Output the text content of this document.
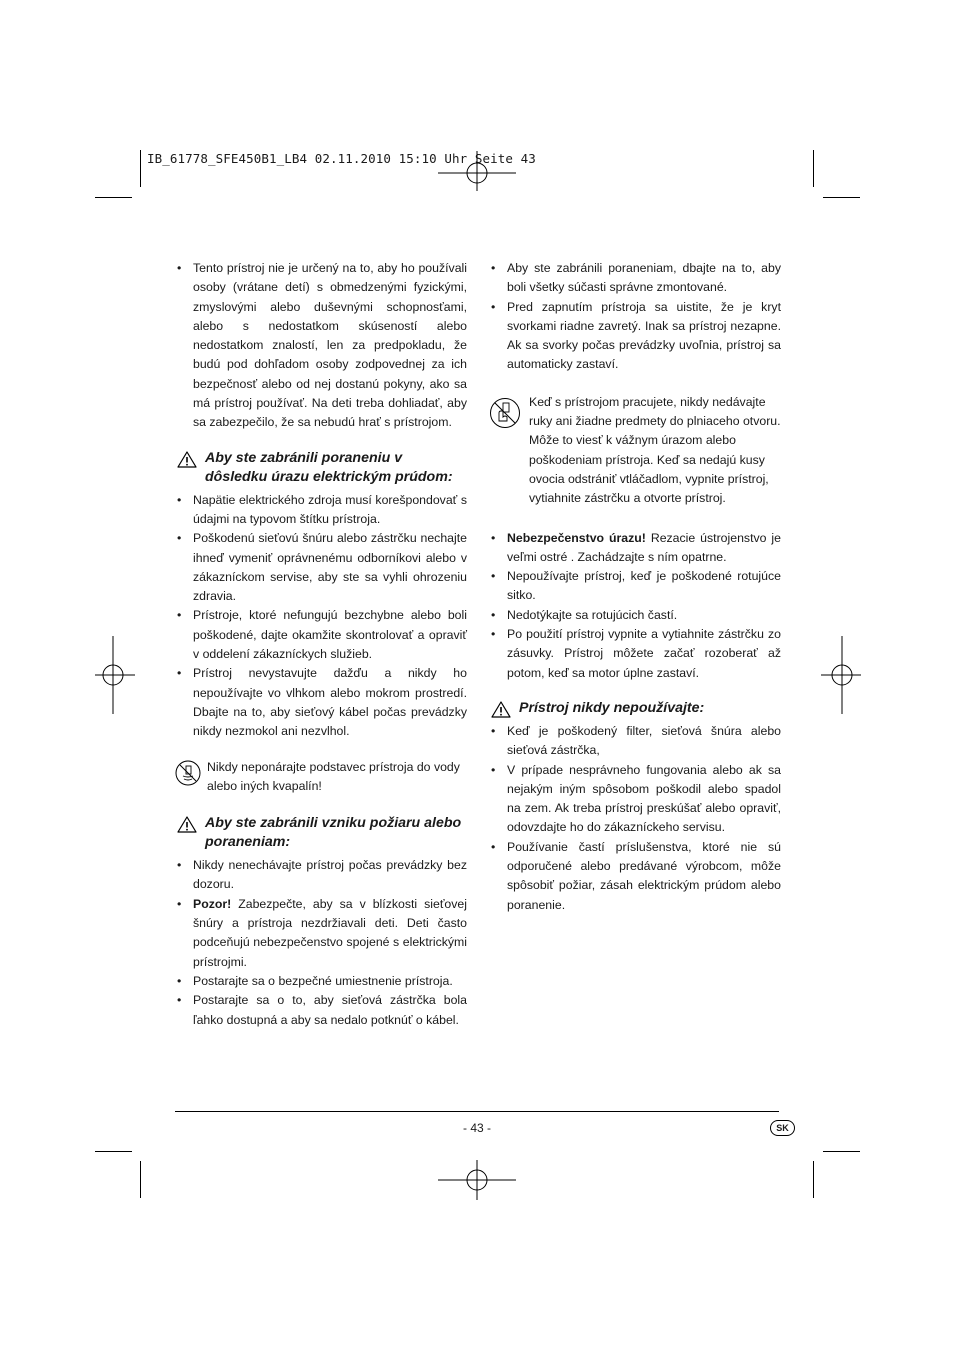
IB_61778_SFE450B1_LB4 02.11.2010 15:10 Uhr Seite 43
• Tento prístroj nie je určený na to, aby ho používali osoby (vrátane detí) s obmedzenými fyzickými, zmyslovými alebo duševnými schopnosťami, alebo s nedostatkom skúseností alebo nedostatkom znalostí, len za predpokladu, že budú pod dohľadom osoby zodpovednej za ich bezpečnosť alebo od nej dostanú pokyny, ako sa má prístroj používať. Na deti treba dohliadať, aby sa zabezpečilo, že sa nebudú hrať s prístrojom.
Aby ste zabránili poraneniu v dôsledku úrazu elektrickým prúdom:
• Napätie elektrického zdroja musí korešpondovať s údajmi na typovom štítku prístroja.
• Poškodenú sieťovú šnúru alebo zástrčku nechajte ihneď vymeniť oprávnenému odborníkovi alebo v zákazníckom servise, aby ste sa vyhli ohrozeniu zdravia.
• Prístroje, ktoré nefungujú bezchybne alebo boli poškodené, dajte okamžite skontrolovať a opraviť v oddelení zákazníckych služieb.
• Prístroj nevystavujte dažďu a nikdy ho nepoužívajte vo vlhkom alebo mokrom prostredí. Dbajte na to, aby sieťový kábel počas prevádzky nikdy nezmokol ani nezvlhol.
Nikdy neponárajte podstavec prístroja do vody alebo iných kvapalín!
Aby ste zabránili vzniku požiaru alebo poraneniam:
• Nikdy nenechávajte prístroj počas prevádzky bez dozoru.
• Pozor! Zabezpečte, aby sa v blízkosti sieťovej šnúry a prístroja nezdržiavali deti. Deti často podceňujú nebezpečenstvo spojené s elektrickými prístrojmi.
• Postarajte sa o bezpečné umiestnenie prístroja.
• Postarajte sa o to, aby sieťová zástrčka bola ľahko dostupná a aby sa nedalo potknúť o kábel.
• Aby ste zabránili poraneniam, dbajte na to, aby boli všetky súčasti správne zmontované.
• Pred zapnutím prístroja sa uistite, že je kryt svorkami riadne zavretý. Inak sa prístroj nezapne. Ak sa svorky počas prevádzky uvoľnia, prístroj sa automaticky zastaví.
Keď s prístrojom pracujete, nikdy nedávajte ruky ani žiadne predmety do plniaceho otvoru. Môže to viesť k vážnym úrazom alebo poškodeniam prístroja. Keď sa nedajú kusy ovocia odstrániť vtláčadlom, vypnite prístroj, vytiahnite zástrčku a otvorte prístroj.
• Nebezpečenstvo úrazu! Rezacie ústrojenstvo je veľmi ostré . Zachádzajte s ním opatrne.
• Nepoužívajte prístroj, keď je poškodené rotujúce sitko.
• Nedotýkajte sa rotujúcich častí.
• Po použití prístroj vypnite a vytiahnite zástrčku zo zásuvky. Prístroj môžete začať rozoberať až potom, keď sa motor úplne zastaví.
Prístroj nikdy nepoužívajte:
• Keď je poškodený filter, sieťová šnúra alebo sieťová zástrčka,
• V prípade nesprávneho fungovania alebo ak sa nejakým iným spôsobom poškodil alebo spadol na zem. Ak treba prístroj preskúšať alebo opraviť, odovzdajte ho do zákazníckeho servisu.
• Používanie častí príslušenstva, ktoré nie sú odporučené alebo predávané výrobcom, môže spôsobiť požiar, zásah elektrickým prúdom alebo poranenie.
- 43 -	SK
